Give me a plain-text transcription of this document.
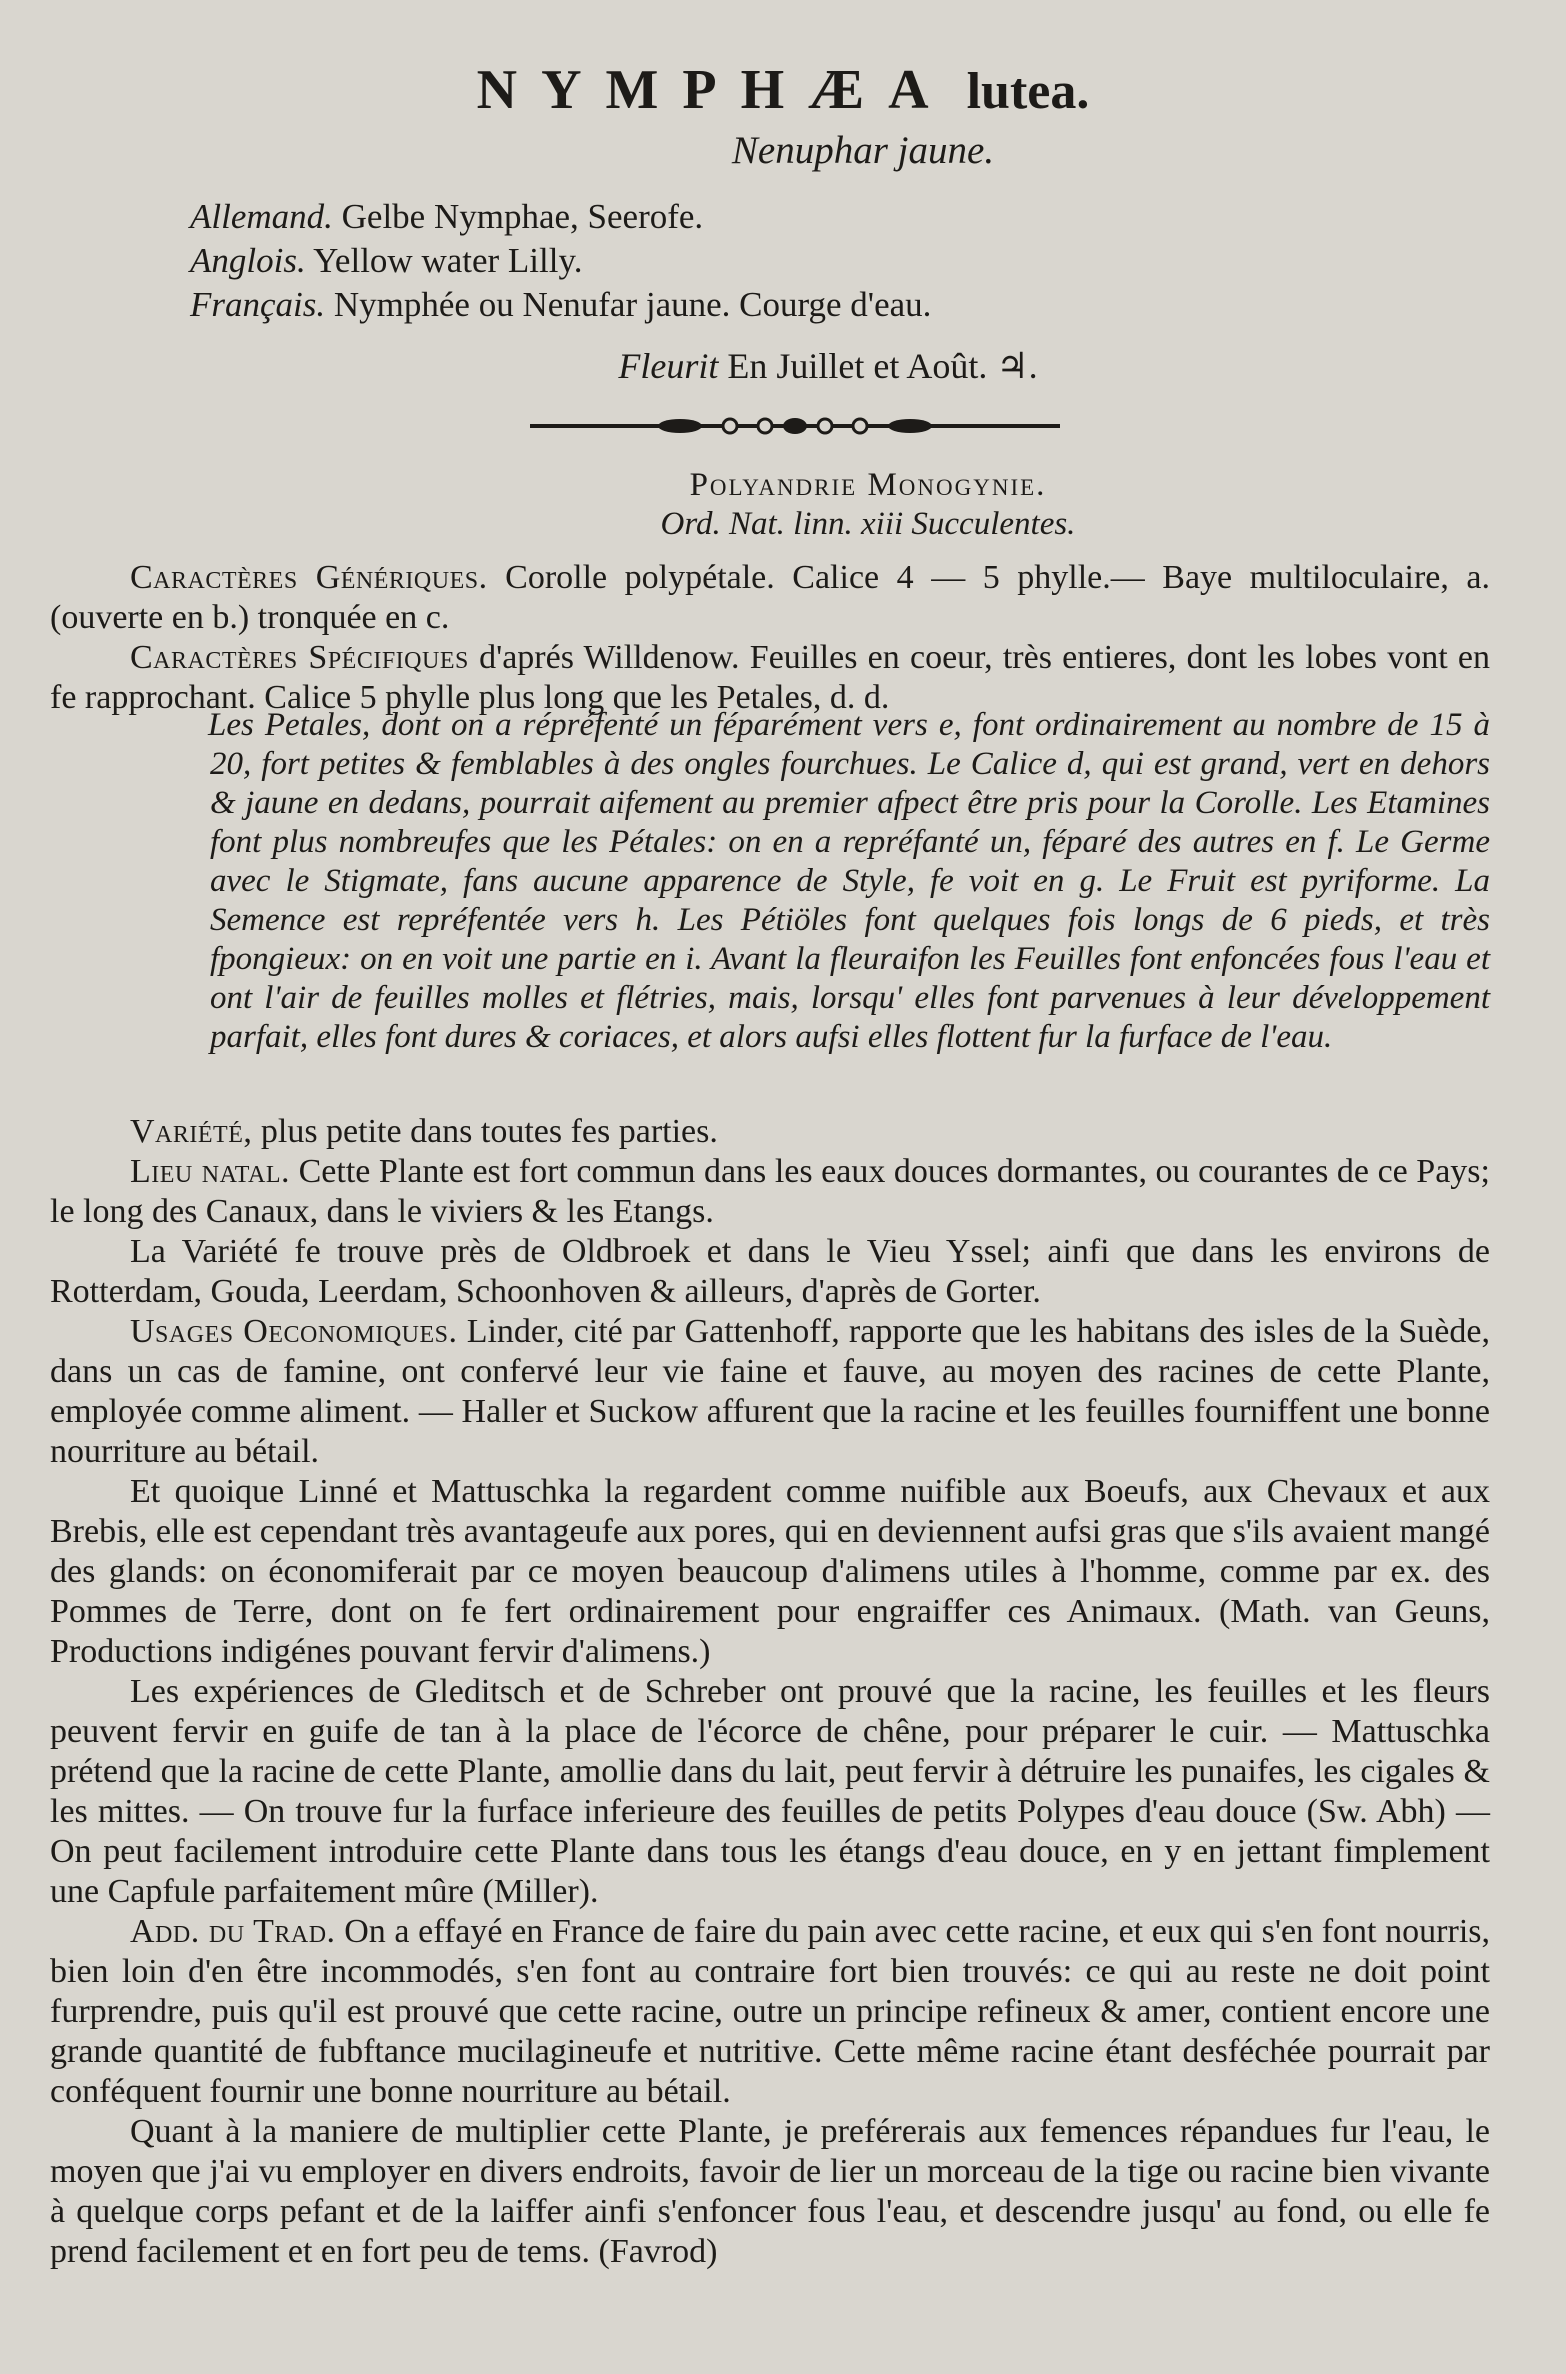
NYMPHÆA lutea.
Nenuphar jaune.
Allemand. Gelbe Nymphae, Seerofe.
Anglois. Yellow water Lilly.
Français. Nymphée ou Nenufar jaune. Courge d'eau.
Fleurit En Juillet et Août. ♃.
Polyandrie Monogynie.
Ord. Nat. linn. xiii Succulentes.

Caractères Génériques. Corolle polypétale. Calice 4 — 5 phylle.— Baye multiloculaire, a. (ouverte en b.) tronquée en c.

Caractères Spécifiques d'aprés Willdenow. Feuilles en coeur, très entieres, dont les lobes vont en fe rapprochant. Calice 5 phylle plus long que les Petales, d. d.

Les Petales, dont on a répréfenté un féparément vers e, font ordinairement au nombre de 15 à 20, fort petites & femblables à des ongles fourchues. Le Calice d, qui est grand, vert en dehors & jaune en dedans, pourrait aifement au premier afpect être pris pour la Corolle. Les Etamines font plus nombreufes que les Pétales: on en a repréfanté un, féparé des autres en f. Le Germe avec le Stigmate, fans aucune apparence de Style, fe voit en g. Le Fruit est pyriforme. La Semence est repréfentée vers h. Les Pétiöles font quelques fois longs de 6 pieds, et très fpongieux: on en voit une partie en i. Avant la fleuraifon les Feuilles font enfoncées fous l'eau et ont l'air de feuilles molles et flétries, mais, lorsqu' elles font parvenues à leur développement parfait, elles font dures & coriaces, et alors aufsi elles flottent fur la furface de l'eau.

Variété, plus petite dans toutes fes parties.

Lieu natal. Cette Plante est fort commun dans les eaux douces dormantes, ou courantes de ce Pays; le long des Canaux, dans le viviers & les Etangs.

La Variété fe trouve près de Oldbroek et dans le Vieu Yssel; ainfi que dans les environs de Rotterdam, Gouda, Leerdam, Schoonhoven & ailleurs, d'après de Gorter.

Usages Oeconomiques. Linder, cité par Gattenhoff, rapporte que les habitans des isles de la Suède, dans un cas de famine, ont confervé leur vie faine et fauve, au moyen des racines de cette Plante, employée comme aliment. — Haller et Suckow affurent que la racine et les feuilles fourniffent une bonne nourriture au bétail.

Et quoique Linné et Mattuschka la regardent comme nuifible aux Boeufs, aux Chevaux et aux Brebis, elle est cependant très avantageufe aux pores, qui en deviennent aufsi gras que s'ils avaient mangé des glands: on économiferait par ce moyen beaucoup d'alimens utiles à l'homme, comme par ex. des Pommes de Terre, dont on fe fert ordinairement pour engraiffer ces Animaux. (Math. van Geuns, Productions indigénes pouvant fervir d'alimens.)

Les expériences de Gleditsch et de Schreber ont prouvé que la racine, les feuilles et les fleurs peuvent fervir en guife de tan à la place de l'écorce de chêne, pour préparer le cuir. — Mattuschka prétend que la racine de cette Plante, amollie dans du lait, peut fervir à détruire les punaifes, les cigales & les mittes. — On trouve fur la furface inferieure des feuilles de petits Polypes d'eau douce (Sw. Abh) — On peut facilement introduire cette Plante dans tous les étangs d'eau douce, en y en jettant fimplement une Capfule parfaitement mûre (Miller).

Add. du Trad. On a effayé en France de faire du pain avec cette racine, et eux qui s'en font nourris, bien loin d'en être incommodés, s'en font au contraire fort bien trouvés: ce qui au reste ne doit point furprendre, puis qu'il est prouvé que cette racine, outre un principe refineux & amer, contient encore une grande quantité de fubftance mucilagineufe et nutritive. Cette même racine étant desféchée pourrait par conféquent fournir une bonne nourriture au bétail.

Quant à la maniere de multiplier cette Plante, je preférerais aux femences répandues fur l'eau, le moyen que j'ai vu employer en divers endroits, favoir de lier un morceau de la tige ou racine bien vivante à quelque corps pefant et de la laiffer ainfi s'enfoncer fous l'eau, et descendre jusqu' au fond, ou elle fe prend facilement et en fort peu de tems. (Favrod)
